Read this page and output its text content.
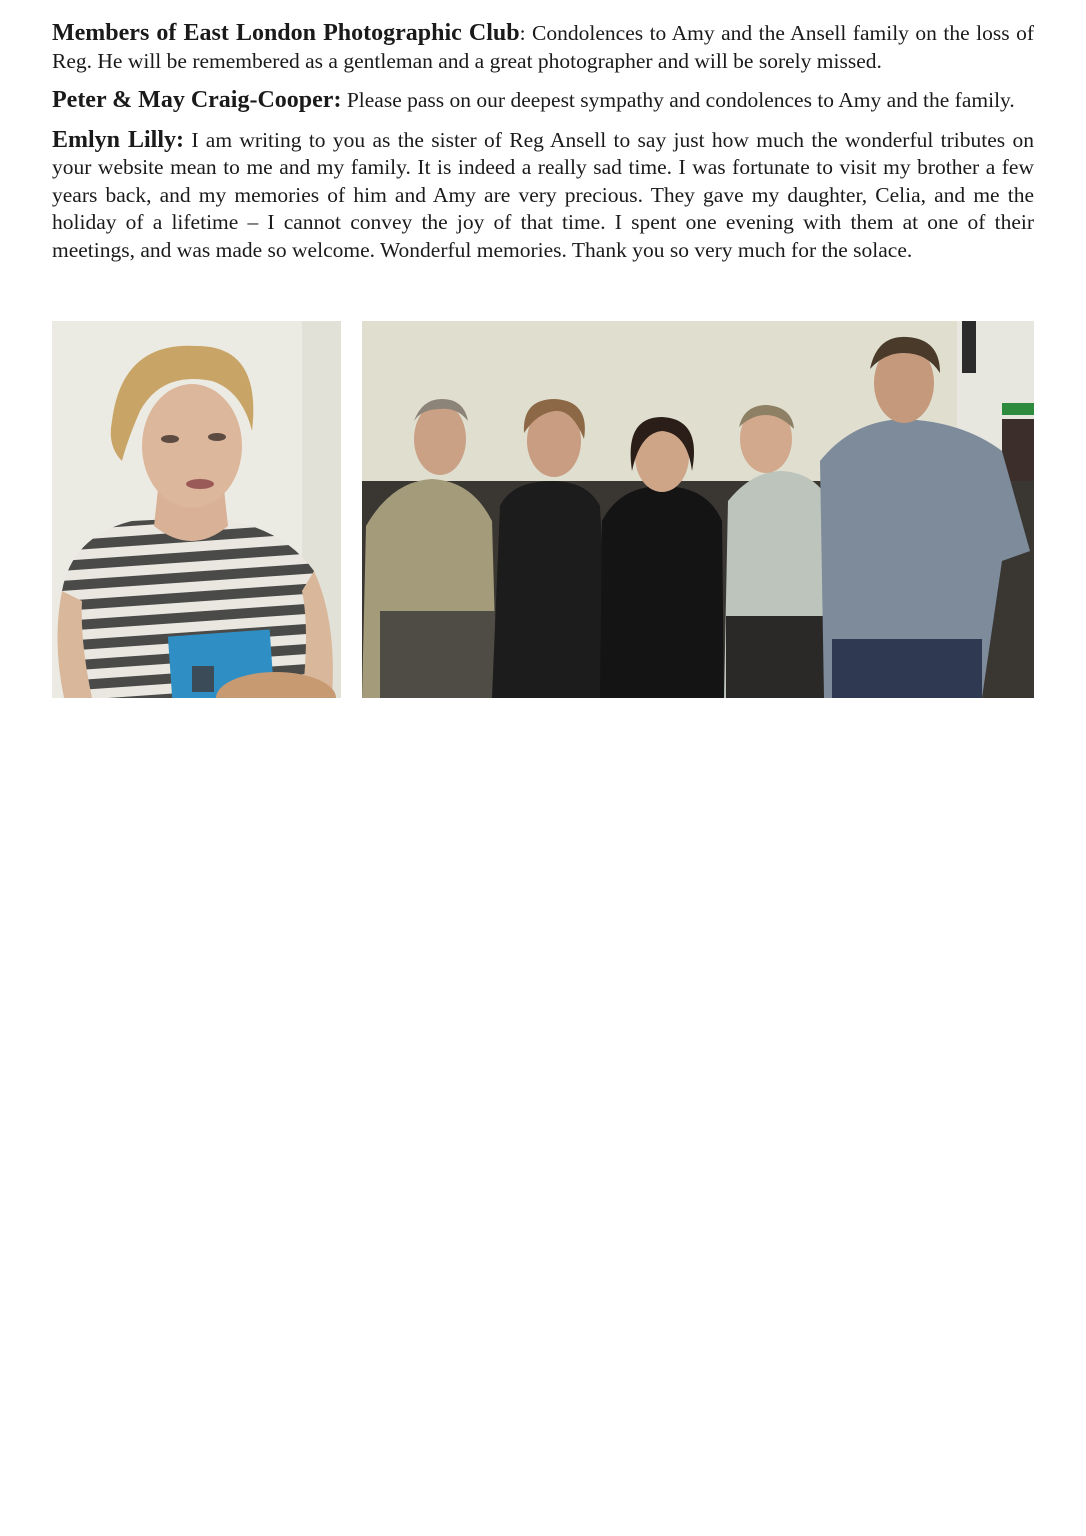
Members of East London Photographic Club: Condolences to Amy and the Ansell family on the loss of Reg. He will be remembered as a gentleman and a great photographer and will be sorely missed.

Peter & May Craig-Cooper: Please pass on our deepest sympathy and condolences to Amy and the family.

Emlyn Lilly: I am writing to you as the sister of Reg Ansell to say just how much the wonderful tributes on your website mean to me and my family. It is indeed a really sad time. I was fortunate to visit my brother a few years back, and my memories of him and Amy are very precious. They gave my daughter, Celia, and me the holiday of a lifetime – I cannot convey the joy of that time. I spent one evening with them at one of their meetings, and was made so welcome. Wonderful memories. Thank you so very much for the solace.
